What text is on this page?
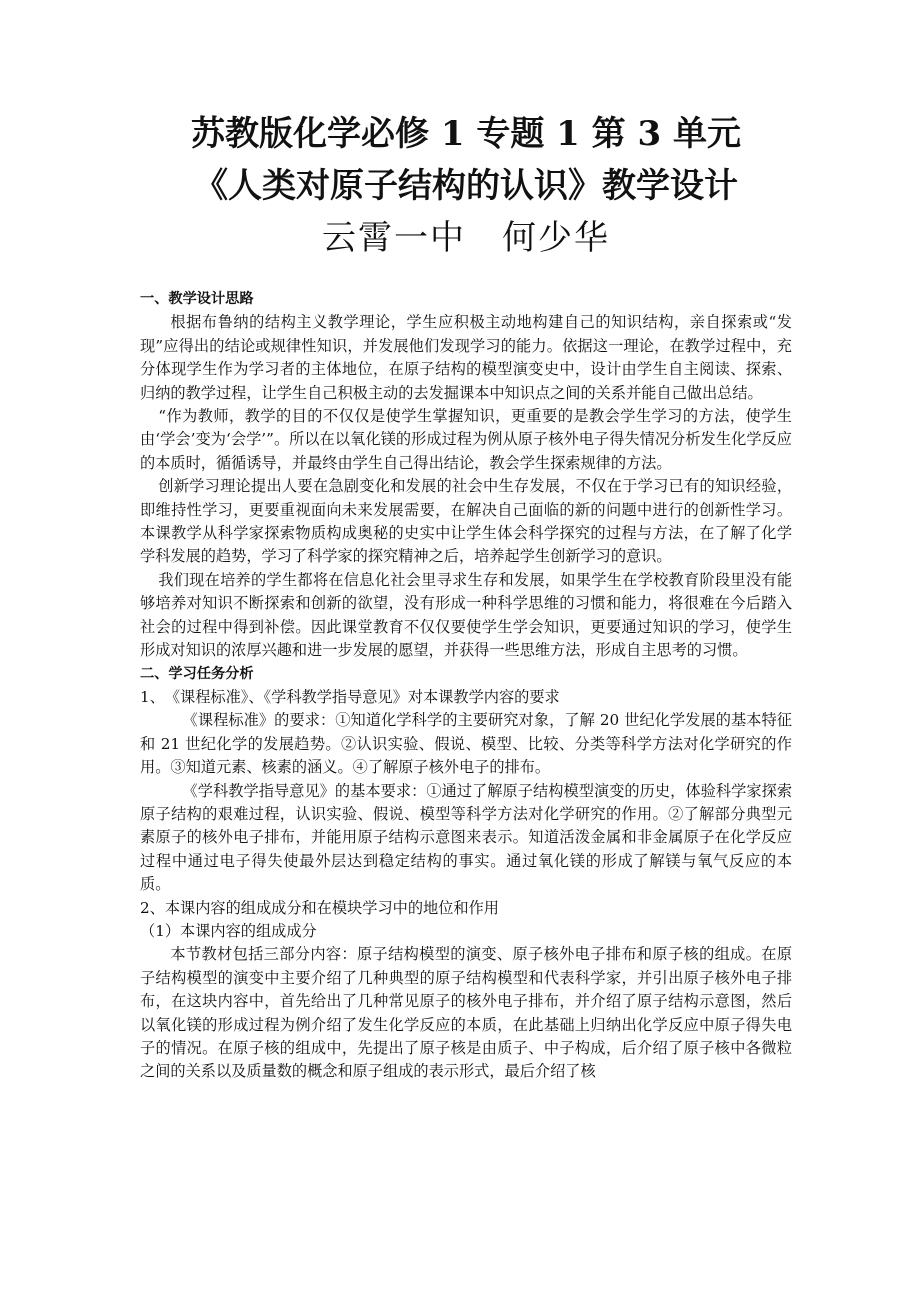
苏教版化学必修 1 专题 1 第 3 单元
《人类对原子结构的认识》教学设计
云霄一中　何少华
一、教学设计思路

根据布鲁纳的结构主义教学理论，学生应积极主动地构建自己的知识结构，亲自探索或“发现”应得出的结论或规律性知识，并发展他们发现学习的能力。依据这一理论，在教学过程中，充分体现学生作为学习者的主体地位，在原子结构的模型演变史中，设计由学生自主阅读、探索、归纳的教学过程，让学生自己积极主动的去发掘课本中知识点之间的关系并能自己做出总结。

“作为教师，教学的目的不仅仅是使学生掌握知识，更重要的是教会学生学习的方法，使学生由‘学会’变为‘会学’”。所以在以氧化镁的形成过程为例从原子核外电子得失情况分析发生化学反应的本质时，循循诱导，并最终由学生自己得出结论，教会学生探索规律的方法。

创新学习理论提出人要在急剧变化和发展的社会中生存发展，不仅在于学习已有的知识经验，即维持性学习，更要重视面向未来发展需要，在解决自己面临的新的问题中进行的创新性学习。本课教学从科学家探索物质构成奥秘的史实中让学生体会科学探究的过程与方法，在了解了化学学科发展的趋势，学习了科学家的探究精神之后，培养起学生创新学习的意识。

我们现在培养的学生都将在信息化社会里寻求生存和发展，如果学生在学校教育阶段里没有能够培养对知识不断探索和创新的欲望，没有形成一种科学思维的习惯和能力，将很难在今后踏入社会的过程中得到补偿。因此课堂教育不仅仅要使学生学会知识，更要通过知识的学习，使学生形成对知识的浓厚兴趣和进一步发展的愿望，并获得一些思维方法，形成自主思考的习惯。

二、学习任务分析

1、　《课程标准》、《学科教学指导意见》对本课教学内容的要求

《课程标准》的要求：①知道化学科学的主要研究对象，了解 20 世纪化学发展的基本特征和 21 世纪化学的发展趋势。②认识实验、假说、模型、比较、分类等科学方法对化学研究的作用。③知道元素、核素的涵义。④了解原子核外电子的排布。

《学科教学指导意见》的基本要求：①通过了解原子结构模型演变的历史，体验科学家探索原子结构的艰难过程，认识实验、假说、模型等科学方法对化学研究的作用。②了解部分典型元素原子的核外电子排布，并能用原子结构示意图来表示。知道活泼金属和非金属原子在化学反应过程中通过电子得失使最外层达到稳定结构的事实。通过氧化镁的形成了解镁与氧气反应的本质。

2、本课内容的组成成分和在模块学习中的地位和作用

（1）本课内容的组成成分

本节教材包括三部分内容：原子结构模型的演变、原子核外电子排布和原子核的组成。在原子结构模型的演变中主要介绍了几种典型的原子结构模型和代表科学家，并引出原子核外电子排布，在这块内容中，首先给出了几种常见原子的核外电子排布，并介绍了原子结构示意图，然后以氧化镁的形成过程为例介绍了发生化学反应的本质，在此基础上归纳出化学反应中原子得失电子的情况。在原子核的组成中，先提出了原子核是由质子、中子构成，后介绍了原子核中各微粒之间的关系以及质量数的概念和原子组成的表示形式，最后介绍了核
